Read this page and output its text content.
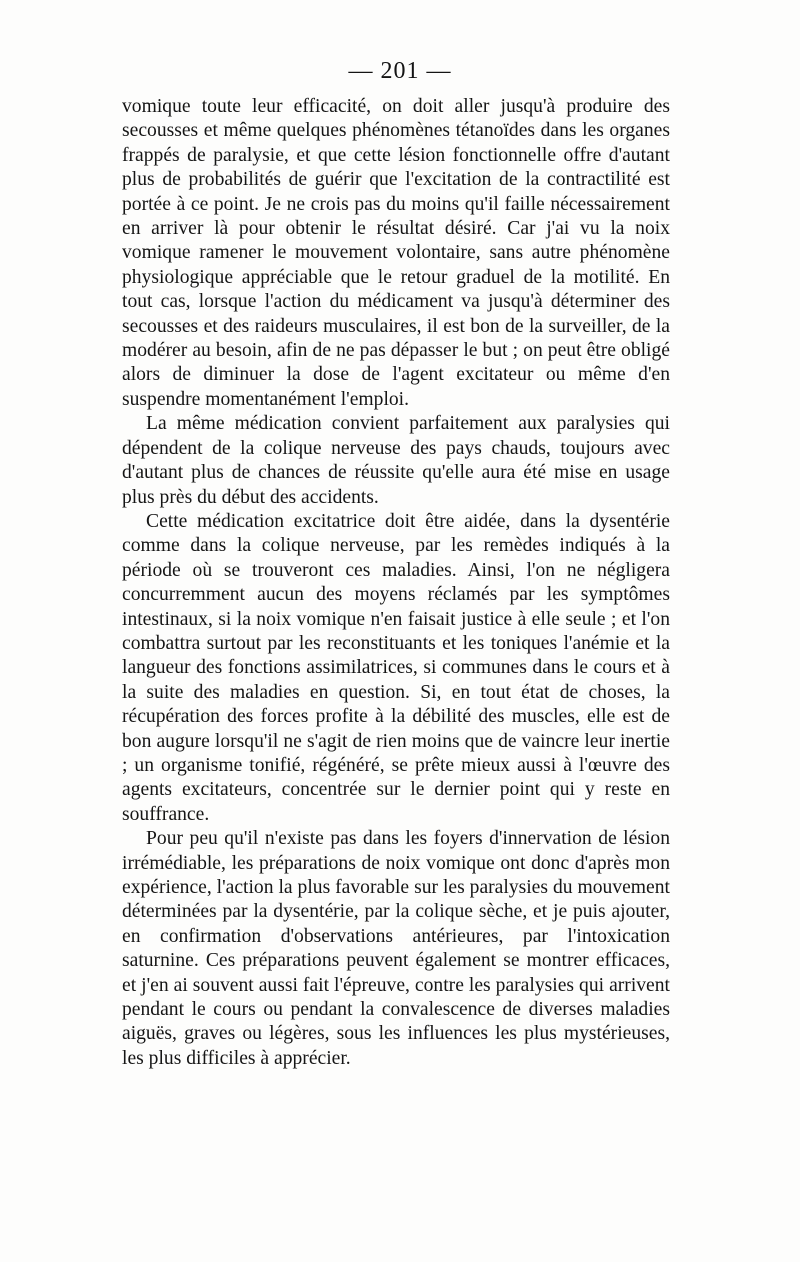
— 201 —

vomique toute leur efficacité, on doit aller jusqu'à produire des secousses et même quelques phénomènes tétanoïdes dans les organes frappés de paralysie, et que cette lésion fonctionnelle offre d'autant plus de probabilités de guérir que l'excitation de la contractilité est portée à ce point. Je ne crois pas du moins qu'il faille nécessairement en arriver là pour obtenir le résultat désiré. Car j'ai vu la noix vomique ramener le mouvement volontaire, sans autre phénomène physiologique appréciable que le retour graduel de la motilité. En tout cas, lorsque l'action du médicament va jusqu'à déterminer des secousses et des raideurs musculaires, il est bon de la surveiller, de la modérer au besoin, afin de ne pas dépasser le but ; on peut être obligé alors de diminuer la dose de l'agent excitateur ou même d'en suspendre momentanément l'emploi.

La même médication convient parfaitement aux paralysies qui dépendent de la colique nerveuse des pays chauds, toujours avec d'autant plus de chances de réussite qu'elle aura été mise en usage plus près du début des accidents.

Cette médication excitatrice doit être aidée, dans la dysentérie comme dans la colique nerveuse, par les remèdes indiqués à la période où se trouveront ces maladies. Ainsi, l'on ne négligera concurremment aucun des moyens réclamés par les symptômes intestinaux, si la noix vomique n'en faisait justice à elle seule ; et l'on combattra surtout par les reconstituants et les toniques l'anémie et la langueur des fonctions assimilatrices, si communes dans le cours et à la suite des maladies en question. Si, en tout état de choses, la récupération des forces profite à la débilité des muscles, elle est de bon augure lorsqu'il ne s'agit de rien moins que de vaincre leur inertie ; un organisme tonifié, régénéré, se prête mieux aussi à l'œuvre des agents excitateurs, concentrée sur le dernier point qui y reste en souffrance.

Pour peu qu'il n'existe pas dans les foyers d'innervation de lésion irrémédiable, les préparations de noix vomique ont donc d'après mon expérience, l'action la plus favorable sur les paralysies du mouvement déterminées par la dysentérie, par la colique sèche, et je puis ajouter, en confirmation d'observations antérieures, par l'intoxication saturnine. Ces préparations peuvent également se montrer efficaces, et j'en ai souvent aussi fait l'épreuve, contre les paralysies qui arrivent pendant le cours ou pendant la convalescence de diverses maladies aiguës, graves ou légères, sous les influences les plus mystérieuses, les plus difficiles à apprécier.
